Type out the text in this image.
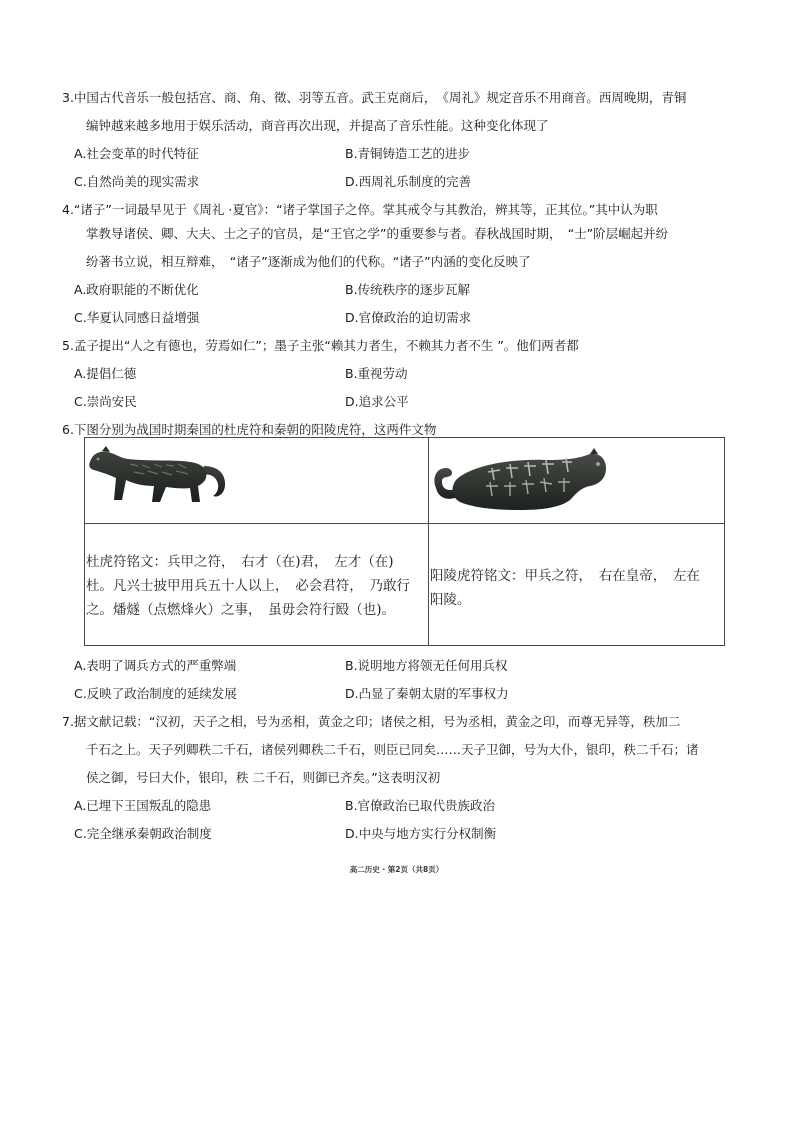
3.中国古代音乐一般包括宫、商、角、徵、羽等五音。武王克商后，　《周礼》规定音乐不用商音。西周晚期，青铜
编钟越来越多地用于娱乐活动，商音再次出现，并提高了音乐性能。这种变化体现了
A.社会变革的时代特征	B.青铜铸造工艺的进步
C.自然尚美的现实需求	D.西周礼乐制度的完善
4.“诸子”一词最早见于《周礼 ·夏官》：“诸子掌国子之倅。掌其戒令与其教治，辨其等，正其位。”其中认为职
掌教导诸侯、卿、大夫、士之子的官员，是“王官之学”的重要参与者。春秋战国时期，　“士”阶层崛起并纷
纷著书立说，相互辩难，　“诸子”逐渐成为他们的代称。“诸子”内涵的变化反映了
A.政府职能的不断优化	B.传统秩序的逐步瓦解
C.华夏认同感日益增强	D.官僚政治的迫切需求
5.孟子提出“人之有德也，劳焉如仁”；墨子主张“赖其力者生，不赖其力者不生 ”。他们两者都
A.提倡仁德	B.重视劳动
C.崇尚安民	D.追求公平
6.下图分别为战国时期秦国的杜虎符和秦朝的阳陵虎符，这两件文物
杜虎符铭文：兵甲之符，　右才（在)君，　左才（在)
杜。凡兴士披甲用兵五十人以上，　必会君符，　乃敢行
之。燔燧（点燃烽火）之事，　虽毋会符行殹（也)。
阳陵虎符铭文：甲兵之符，　右在皇帝，　左在
阳陵。
A.表明了调兵方式的严重弊端	B.说明地方将领无任何用兵权
C.反映了政治制度的延续发展	D.凸显了秦朝太尉的军事权力
7.据文献记载：“汉初，天子之相，号为丞相，黄金之印；诸侯之相，号为丞相，黄金之印，而尊无异等，秩加二
千石之上。天子列卿秩二千石，诸侯列卿秩二千石，则臣已同矣……天子卫御，号为大仆，银印，秩二千石；诸
侯之御，号曰大仆，银印，秩 二千石，则御已齐矣。”这表明汉初
A.已埋下王国叛乱的隐患	B.官僚政治已取代贵族政治
C.完全继承秦朝政治制度	D.中央与地方实行分权制衡
高二历史 · 第2页（共8页）
